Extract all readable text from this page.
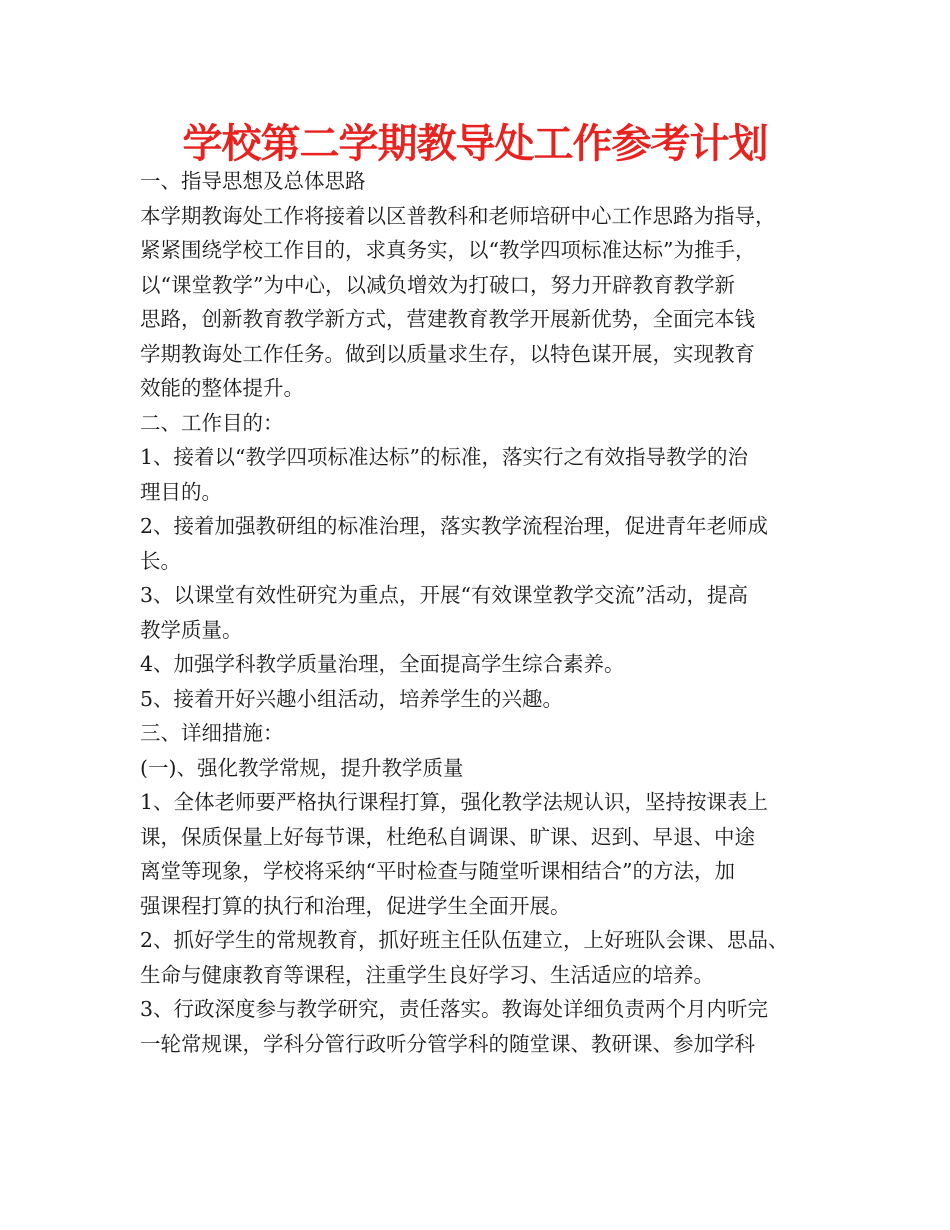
学校第二学期教导处工作参考计划
一、指导思想及总体思路
本学期教诲处工作将接着以区普教科和老师培研中心工作思路为指导，
紧紧围绕学校工作目的，求真务实，以“教学四项标准达标”为推手，
以“课堂教学”为中心，以减负增效为打破口，努力开辟教育教学新
思路，创新教育教学新方式，营建教育教学开展新优势，全面完本钱
学期教诲处工作任务。做到以质量求生存，以特色谋开展，实现教育
效能的整体提升。
二、工作目的：
1、接着以“教学四项标准达标”的标准，落实行之有效指导教学的治
理目的。
2、接着加强教研组的标准治理，落实教学流程治理，促进青年老师成
长。
3、以课堂有效性研究为重点，开展“有效课堂教学交流”活动，提高
教学质量。
4、加强学科教学质量治理，全面提高学生综合素养。
5、接着开好兴趣小组活动，培养学生的兴趣。
三、详细措施：
(一)、强化教学常规，提升教学质量
1、全体老师要严格执行课程打算，强化教学法规认识，坚持按课表上
课，保质保量上好每节课，杜绝私自调课、旷课、迟到、早退、中途
离堂等现象，学校将采纳“平时检查与随堂听课相结合”的方法，加
强课程打算的执行和治理，促进学生全面开展。
2、抓好学生的常规教育，抓好班主任队伍建立，上好班队会课、思品、
生命与健康教育等课程，注重学生良好学习、生活适应的培养。
3、行政深度参与教学研究，责任落实。教诲处详细负责两个月内听完
一轮常规课，学科分管行政听分管学科的随堂课、教研课、参加学科
